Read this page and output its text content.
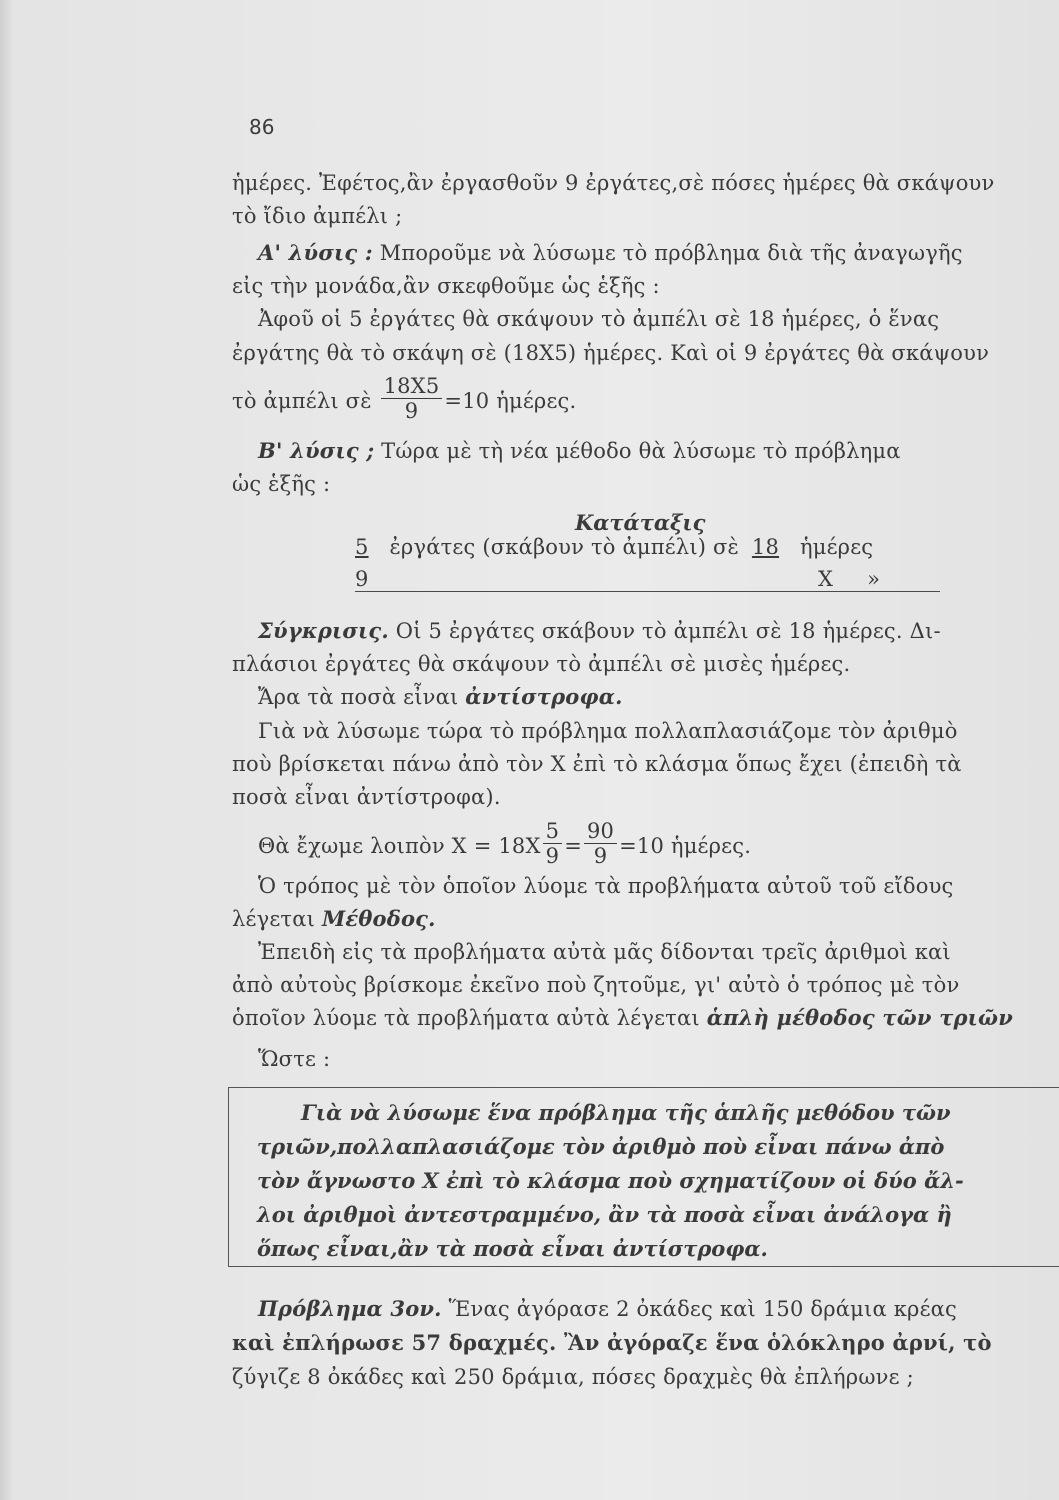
86
ἡμέρες. Ἐφέτος,ἂν ἐργασθοῦν 9 ἐργάτες,σὲ πόσες ἡμέρες θὰ σκάψουν
τὸ ἴδιο ἀμπέλι ;
Α' λύσις : Μποροῦμε νὰ λύσωμε τὸ πρόβλημα διὰ τῆς ἀναγωγῆς
εἰς τὴν μονάδα,ἂν σκεφθοῦμε ὡς ἑξῆς :
Ἀφοῦ οἱ 5 ἐργάτες θὰ σκάψουν τὸ ἀμπέλι σὲ 18 ἡμέρες, ὁ ἕνας
ἐργάτης θὰ τὸ σκάψη σὲ (18X5) ἡμέρες. Καὶ οἱ 9 ἐργάτες θὰ σκάψουν
τὸ ἀμπέλι σὲ $\frac{18X5}{9} =10$ ἡμέρες.
Β' λύσις ; Τώρα μὲ τὴ νέα μέθοδο θὰ λύσωμε τὸ πρόβλημα
ὡς ἑξῆς :
Κατάταξις
5 ἐργάτες (σκάβουν τὸ ἀμπέλι) σὲ 18 ἡμέρες
9	X »
Σύγκρισις. Οἱ 5 ἐργάτες σκάβουν τὸ ἀμπέλι σὲ 18 ἡμέρες. Δι-
πλάσιοι ἐργάτες θὰ σκάψουν τὸ ἀμπέλι σὲ μισὲς ἡμέρες.
Ἄρα τὰ ποσὰ εἶναι ἀντίστροφα.
Γιὰ νὰ λύσωμε τώρα τὸ πρόβλημα πολλαπλασιάζομε τὸν ἀριθμὸ
ποὺ βρίσκεται πάνω ἀπὸ τὸν X ἐπὶ τὸ κλάσμα ὅπως ἔχει (ἐπειδὴ τὰ
ποσὰ εἶναι ἀντίστροφα).
Θὰ ἔχωμε λοιπὸν $X = 18X \frac{5}{9} = \frac{90}{9} =10$ ἡμέρες.
Ὁ τρόπος μὲ τὸν ὁποῖον λύομε τὰ προβλήματα αὐτοῦ τοῦ εἴδους
λέγεται Μέθοδος.
Ἐπειδὴ εἰς τὰ προβλήματα αὐτὰ μᾶς δίδονται τρεῖς ἀριθμοὶ καὶ
ἀπὸ αὐτοὺς βρίσκομε ἐκεῖνο ποὺ ζητοῦμε, γι' αὐτὸ ὁ τρόπος μὲ τὸν
ὁποῖον λύομε τὰ προβλήματα αὐτὰ λέγεται ἁπλὴ μέθοδος τῶν τριῶν
Ὥστε :
Γιὰ νὰ λύσωμε ἕνα πρόβλημα τῆς ἁπλῆς μεθόδου τῶν
τριῶν,πολλαπλασιάζομε τὸν ἀριθμὸ ποὺ εἶναι πάνω ἀπὸ
τὸν ἄγνωστο X ἐπὶ τὸ κλάσμα ποὺ σχηματίζουν οἱ δύο ἄλ-
λοι ἀριθμοὶ ἀντεστραμμένο, ἂν τὰ ποσὰ εἶναι ἀνάλογα ἢ
ὅπως εἶναι,ἂν τὰ ποσὰ εἶναι ἀντίστροφα.
Πρόβλημα 3ον. Ἕνας ἀγόρασε 2 ὀκάδες καὶ 150 δράμια κρέας
καὶ ἐπλήρωσε 57 δραχμές. Ἂν ἀγόραζε ἕνα ὁλόκληρο ἀρνί, τὸ
ζύγιζε 8 ὀκάδες καὶ 250 δράμια, πόσες δραχμὲς θὰ ἐπλήρωνε ;
